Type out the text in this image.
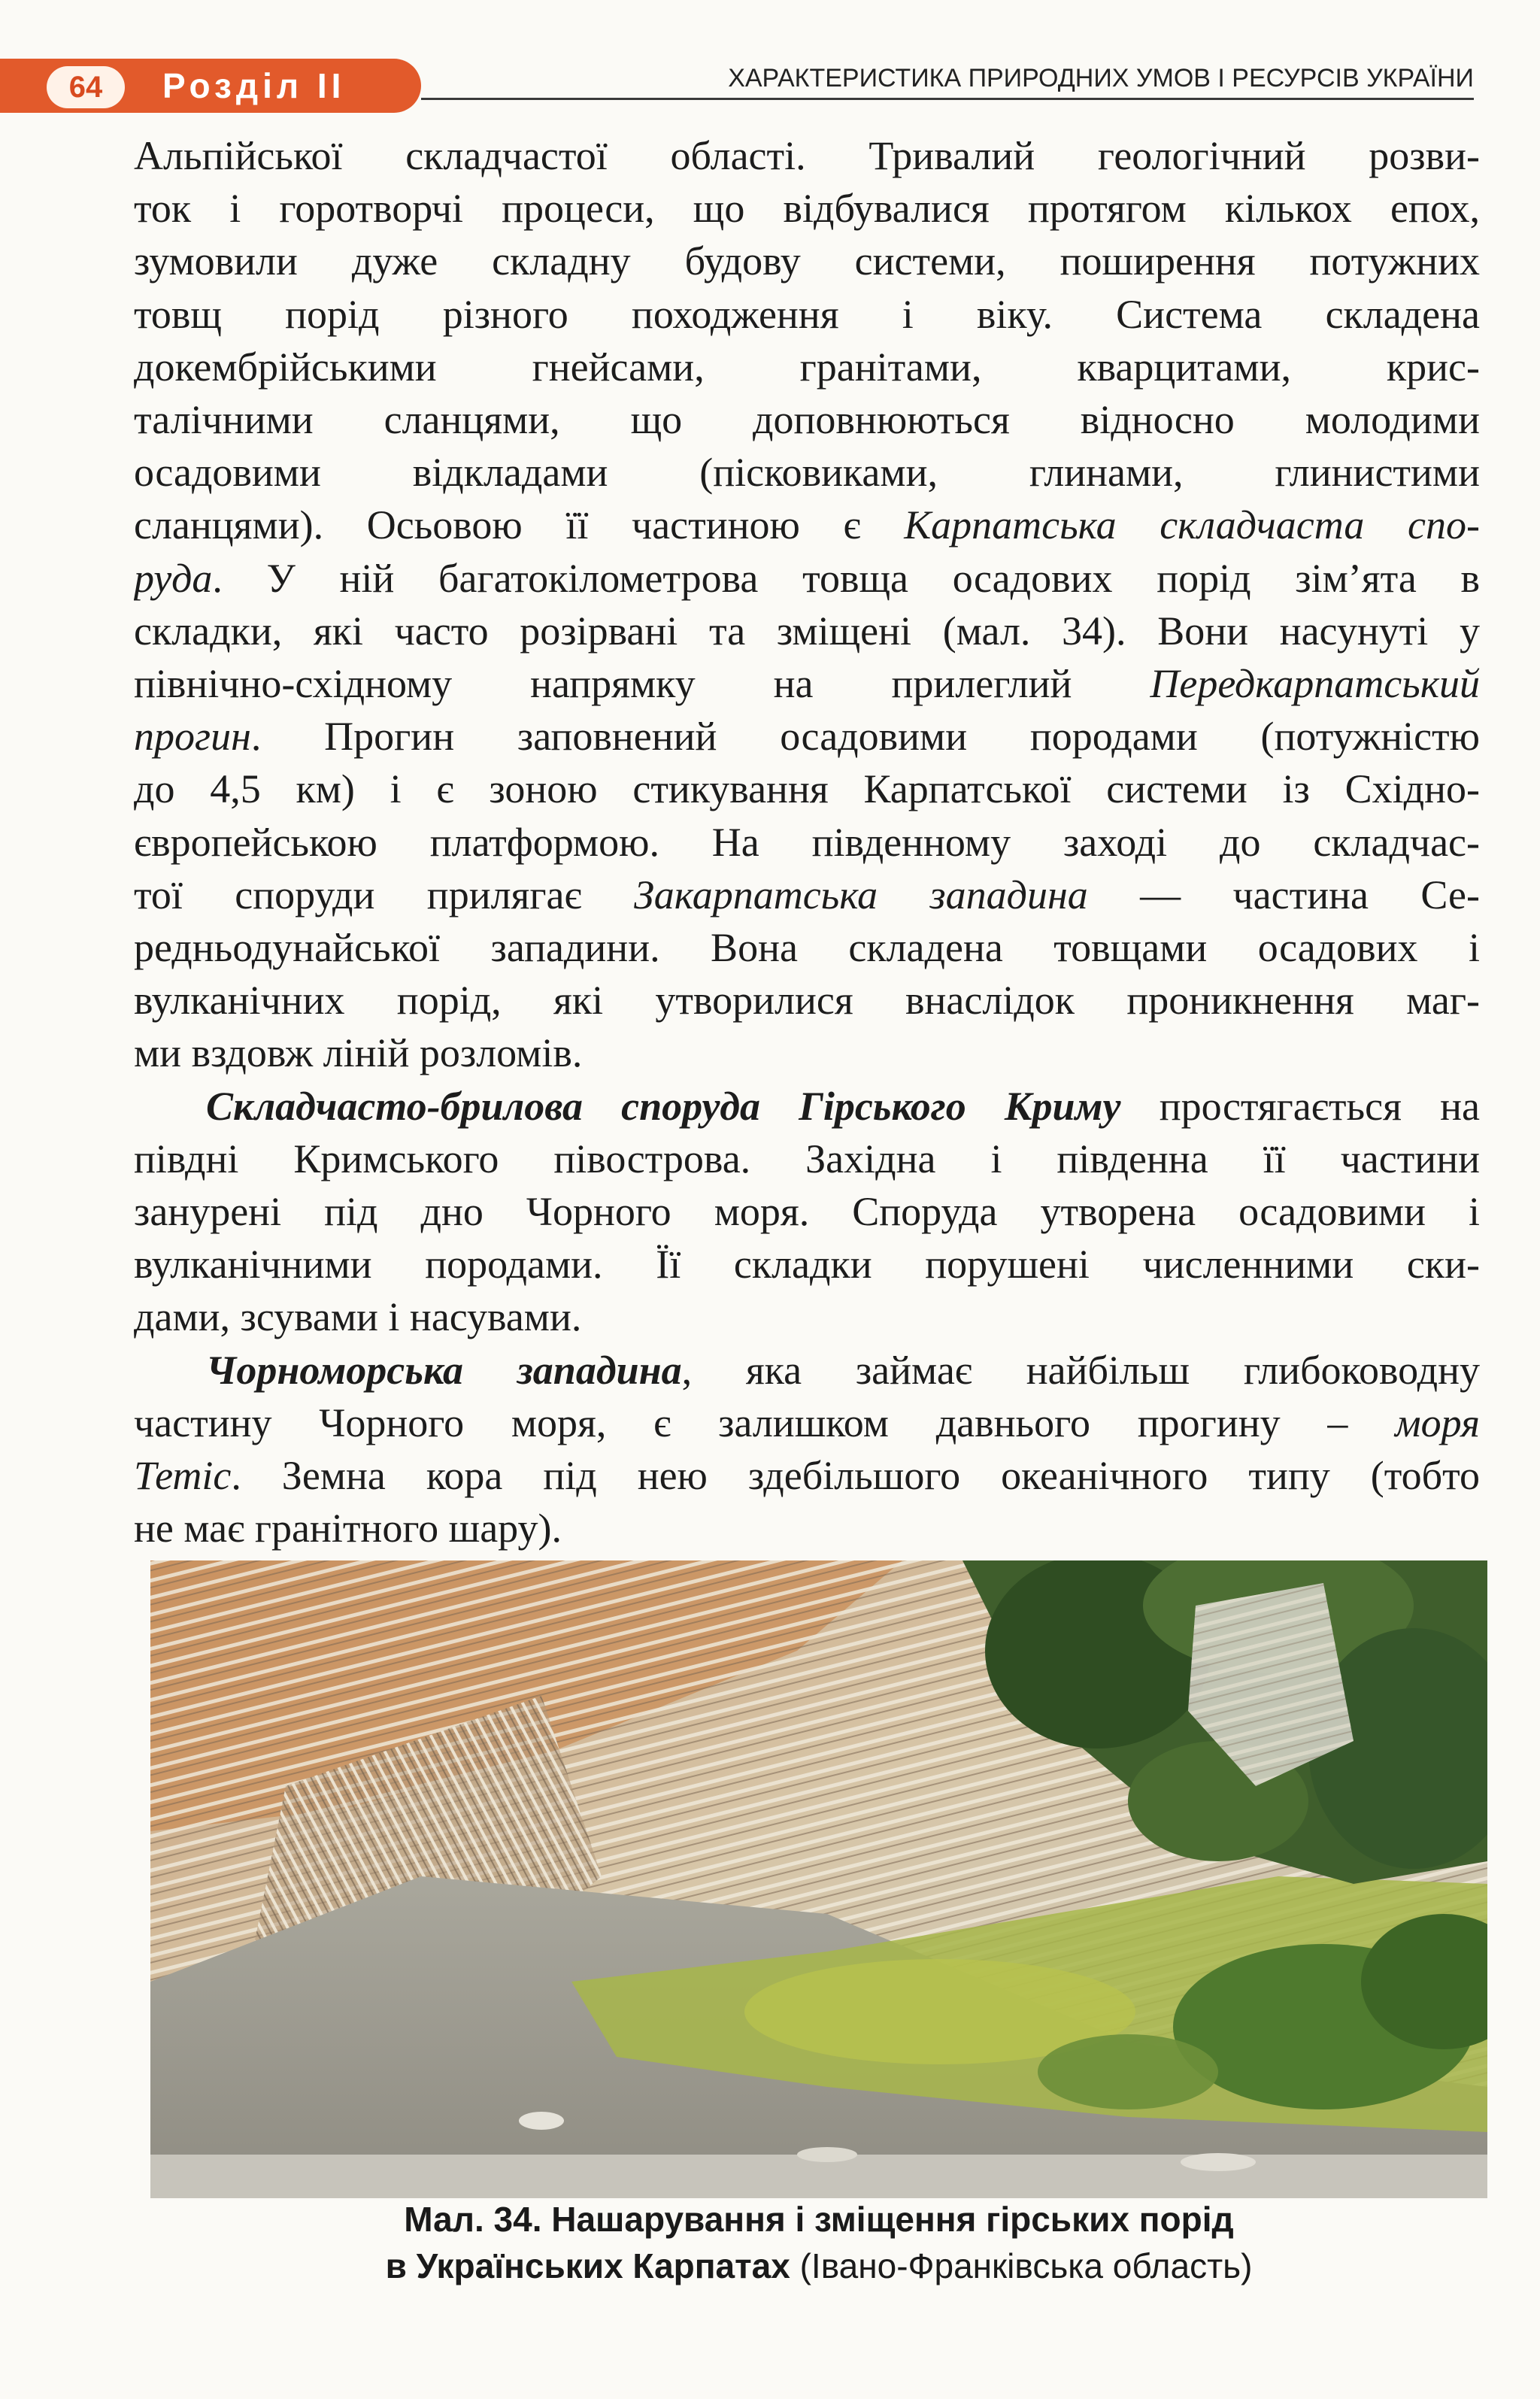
64	Розділ II	ХАРАКТЕРИСТИКА ПРИРОДНИХ УМОВ І РЕСУРСІВ УКРАЇНИ
Альпійської складчастої області. Тривалий геологічний розви-
ток і горотворчі процеси, що відбувалися протягом кількох епох,
зумовили дуже складну будову системи, поширення потужних
товщ порід різного походження і віку. Система складена
докембрійськими гнейсами, гранітами, кварцитами, крис-
талічними сланцями, що доповнюються відносно молодими
осадовими відкладами (пісковиками, глинами, глинистими
сланцями). Осьовою її частиною є Карпатська складчаста спо-
руда. У ній багатокілометрова товща осадових порід зім’ята в
складки, які часто розірвані та зміщені (мал. 34). Вони насунуті у
північно-східному напрямку на прилеглий Передкарпатський
прогин. Прогин заповнений осадовими породами (потужністю
до 4,5 км) і є зоною стикування Карпатської системи із Східно-
європейською платформою. На південному заході до складчас-
тої споруди прилягає Закарпатська западина — частина Се-
редньодунайської западини. Вона складена товщами осадових і
вулканічних порід, які утворилися внаслідок проникнення маг-
ми вздовж ліній розломів.
Складчасто-брилова споруда Гірського Криму простягається на
півдні Кримського півострова. Західна і південна її частини
занурені під дно Чорного моря. Споруда утворена осадовими і
вулканічними породами. Її складки порушені численними ски-
дами, зсувами і насувами.
Чорноморська западина, яка займає найбільш глибоководну
частину Чорного моря, є залишком давнього прогину – моря
Тетіс. Земна кора під нею здебільшого океанічного типу (тобто
не має гранітного шару).
Мал. 34. Нашарування і зміщення гірських порід
в Українських Карпатах (Івано-Франківська область)
